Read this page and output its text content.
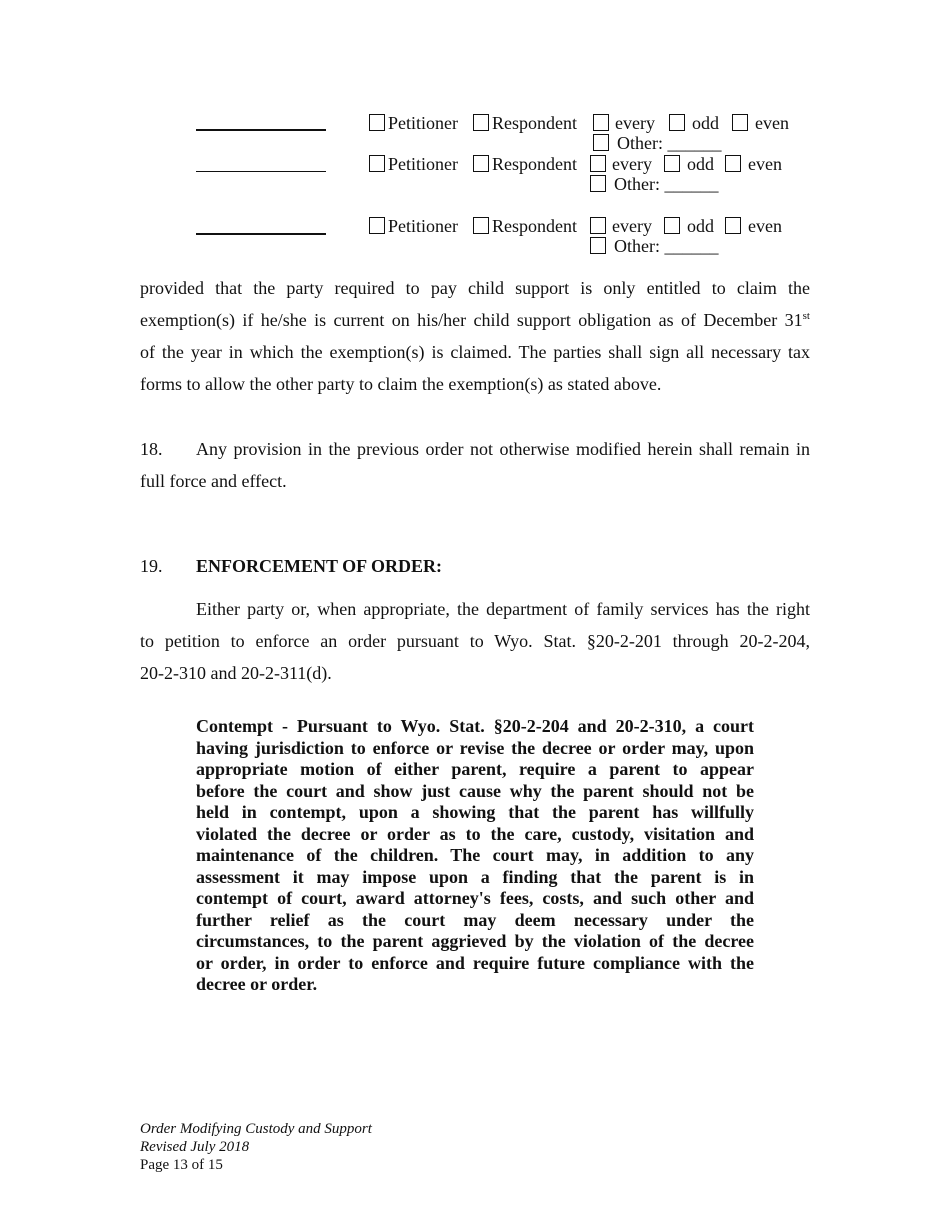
Petitioner Respondent every odd even
Other: ______
Petitioner Respondent every odd even
Other: ______
Petitioner Respondent every odd even
Other: ______
provided that the party required to pay child support is only entitled to claim the
exemption(s) if he/she is current on his/her child support obligation as of December 31st
of the year in which the exemption(s) is claimed. The parties shall sign all necessary tax
forms to allow the other party to claim the exemption(s) as stated above.
18. Any provision in the previous order not otherwise modified herein shall remain in
full force and effect.
19. ENFORCEMENT OF ORDER:
Either party or, when appropriate, the department of family services has the right
to petition to enforce an order pursuant to Wyo. Stat. §20-2-201 through 20-2-204,
20-2-310 and 20-2-311(d).
Contempt - Pursuant to Wyo. Stat. §20-2-204 and 20-2-310, a court
having jurisdiction to enforce or revise the decree or order may, upon
appropriate motion of either parent, require a parent to appear
before the court and show just cause why the parent should not be
held in contempt, upon a showing that the parent has willfully
violated the decree or order as to the care, custody, visitation and
maintenance of the children. The court may, in addition to any
assessment it may impose upon a finding that the parent is in
contempt of court, award attorney's fees, costs, and such other and
further relief as the court may deem necessary under the
circumstances, to the parent aggrieved by the violation of the decree
or order, in order to enforce and require future compliance with the
decree or order.
Order Modifying Custody and Support
Revised July 2018
Page 13 of 15
